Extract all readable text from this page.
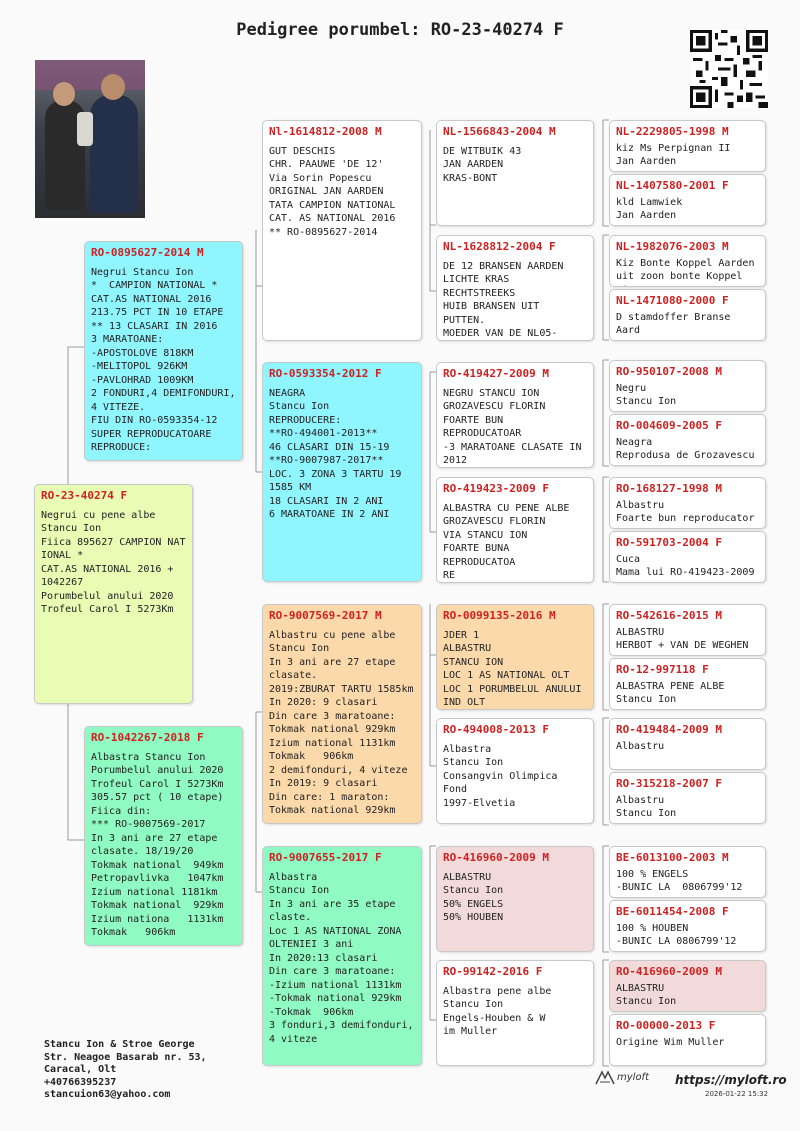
Pedigree porumbel: RO-23-40274 F
RO-23-40274 F
Negrui cu pene albe
Stancu Ion
Fiica 895627 CAMPION NAT
IONAL *
CAT.AS NATIONAL 2016 +
1042267
Porumbelul anului 2020
Trofeul Carol I 5273Km
RO-0895627-2014 M
Negrui Stancu Ion
*  CAMPION NATIONAL *
CAT.AS NATIONAL 2016
213.75 PCT IN 10 ETAPE
** 13 CLASARI IN 2016
3 MARATOANE:
-APOSTOLOVE 818KM
-MELITOPOL 926KM
-PAVLOHRAD 1009KM
2 FONDURI,4 DEMIFONDURI,
4 VITEZE.
FIU DIN RO-0593354-12
SUPER REPRODUCATOARE
REPRODUCE:
RO-1042267-2018 F
Albastra Stancu Ion
Porumbelul anului 2020
Trofeul Carol I 5273Km
305.57 pct ( 10 etape)
Fiica din:
*** RO-9007569-2017
In 3 ani are 27 etape
clasate. 18/19/20
Tokmak national  949km
Petropavlivka   1047km
Izium national 1181km
Tokmak national  929km
Izium nationa   1131km
Tokmak   906km
Nl-1614812-2008 M
GUT DESCHIS
CHR. PAAUWE 'DE 12'
Via Sorin Popescu
ORIGINAL JAN AARDEN
TATA CAMPION NATIONAL
CAT. AS NATIONAL 2016
** RO-0895627-2014
RO-0593354-2012 F
NEAGRA
Stancu Ion
REPRODUCERE:
**RO-494001-2013**
46 CLASARI DIN 15-19
**RO-9007987-2017**
LOC. 3 ZONA 3 TARTU 19
1585 KM
18 CLASARI IN 2 ANI
6 MARATOANE IN 2 ANI
RO-9007569-2017 M
Albastru cu pene albe
Stancu Ion
In 3 ani are 27 etape
clasate.
2019:ZBURAT TARTU 1585km
In 2020: 9 clasari
Din care 3 maratoane:
Tokmak national 929km
Izium national 1131km
Tokmak   906km
2 demifonduri, 4 viteze
In 2019: 9 clasari
Din care: 1 maraton:
Tokmak national 929km
RO-9007655-2017 F
Albastra
Stancu Ion
In 3 ani are 35 etape
claste.
Loc 1 AS NATIONAL ZONA
OLTENIEI 3 ani
In 2020:13 clasari
Din care 3 maratoane:
-Izium national 1131km
-Tokmak national 929km
-Tokmak  906km
3 fonduri,3 demifonduri,
4 viteze
NL-1566843-2004 M
DE WITBUIK 43
JAN AARDEN
KRAS-BONT
NL-1628812-2004 F
DE 12 BRANSEN AARDEN
LICHTE KRAS RECHTSTREEKS
HUIB BRANSEN UIT PUTTEN.
MOEDER VAN DE NL05-

RO-419427-2009 M
NEGRU STANCU ION
GROZAVESCU FLORIN
FOARTE BUN REPRODUCATOAR
-3 MARATOANE CLASATE IN
2012

RO-419423-2009 F
ALBASTRA CU PENE ALBE
GROZAVESCU FLORIN
VIA STANCU ION
FOARTE BUNA REPRODUCATOA
RE
RO-0099135-2016 M
JDER 1
ALBASTRU
STANCU ION
LOC 1 AS NATIONAL OLT
LOC 1 PORUMBELUL ANULUI
IND OLT
RO-494008-2013 F
Albastra
Stancu Ion
Consangvin Olimpica Fond
1997-Elvetia

RO-416960-2009 M
ALBASTRU
Stancu Ion
50% ENGELS
50% HOUBEN
RO-99142-2016 F
Albastra pene albe
Stancu Ion
Engels-Houben & W
im Muller
NL-2229805-1998 M
kiz Ms Perpignan II
Jan Aarden
NL-1407580-2001 F
kld Lamwiek
Jan Aarden
NL-1982076-2003 M
Kiz Bonte Koppel Aarden
uit zoon bonte Koppel
NL-1471080-2000 F
D stamdoffer Branse Aard

RO-950107-2008 M
Negru
Stancu Ion
RO-004609-2005 F
Neagra
Reprodusa de Grozavescu
RO-168127-1998 M
Albastru
Foarte bun reproducator
RO-591703-2004 F
Cuca
Mama lui RO-419423-2009
RO-542616-2015 M
ALBASTRU
HERBOT + VAN DE WEGHEN
RO-12-997118 F
ALBASTRA PENE ALBE
Stancu Ion
RO-419484-2009 M
Albastru
RO-315218-2007 F
Albastru
Stancu Ion
BE-6013100-2003 M
100 % ENGELS
-BUNIC LA  0806799'12
BE-6011454-2008 F
100 % HOUBEN
-BUNIC LA 0806799'12
RO-416960-2009 M
ALBASTRU
Stancu Ion
RO-00000-2013 F
Origine Wim Muller
Stancu Ion & Stroe George
Str. Neagoe Basarab nr. 53,
Caracal, Olt
+40766395237
stancuion63@yahoo.com
myloft https://myloft.ro
2026-01-22 15:32
